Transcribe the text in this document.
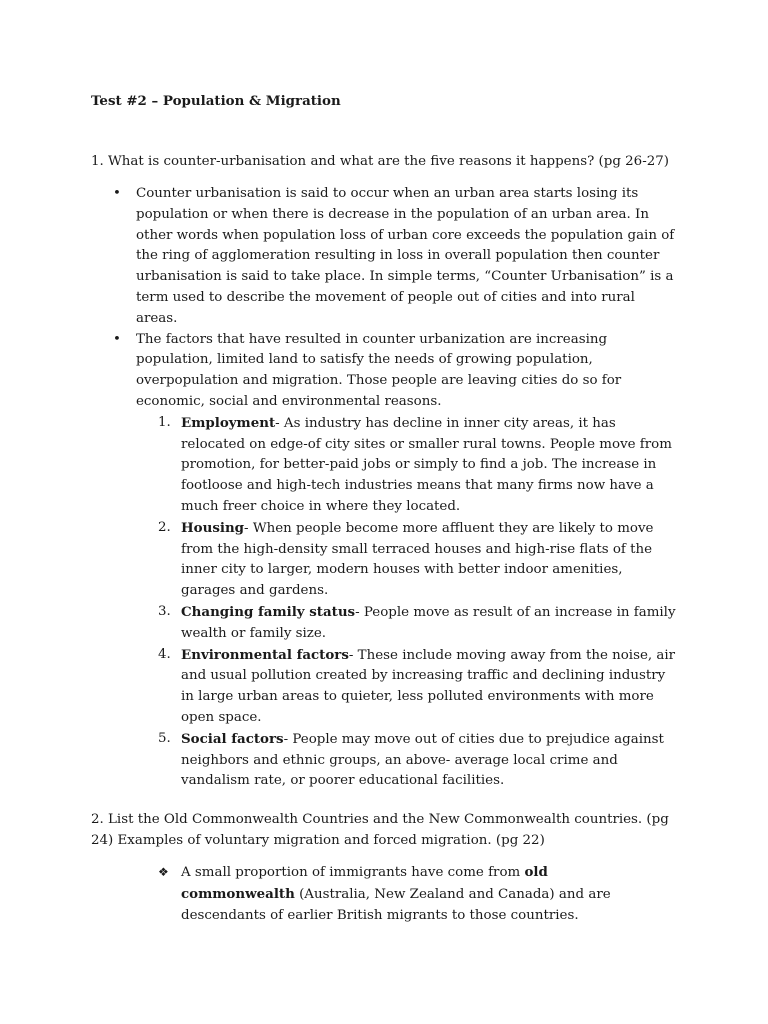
Test #2 – Population & Migration
1. What is counter-urbanisation and what are the five reasons it happens? (pg 26-27)

• Counter urbanisation is said to occur when an urban area starts losing its population or when there is decrease in the population of an urban area. In other words when population loss of urban core exceeds the population gain of the ring of agglomeration resulting in loss in overall population then counter urbanisation is said to take place. In simple terms, “Counter Urbanisation” is a term used to describe the movement of people out of cities and into rural areas.

• The factors that have resulted in counter urbanization are increasing population, limited land to satisfy the needs of growing population, overpopulation and migration. Those people are leaving cities do so for economic, social and environmental reasons.

1. Employment- As industry has decline in inner city areas, it has relocated on edge-of city sites or smaller rural towns. People move from promotion, for better-paid jobs or simply to find a job. The increase in footloose and high-tech industries means that many firms now have a much freer choice in where they located.

2. Housing- When people become more affluent they are likely to move from the high-density small terraced houses and high-rise flats of the inner city to larger, modern houses with better indoor amenities, garages and gardens.

3. Changing family status- People move as result of an increase in family wealth or family size.

4. Environmental factors- These include moving away from the noise, air and usual pollution created by increasing traffic and declining industry in large urban areas to quieter, less polluted environments with more open space.

5. Social factors- People may move out of cities due to prejudice against neighbors and ethnic groups, an above- average local crime and vandalism rate, or poorer educational facilities.

2. List the Old Commonwealth Countries and the New Commonwealth countries. (pg 24) Examples of voluntary migration and forced migration. (pg 22)

❖ A small proportion of immigrants have come from old commonwealth (Australia, New Zealand and Canada) and are descendants of earlier British migrants to those countries.
